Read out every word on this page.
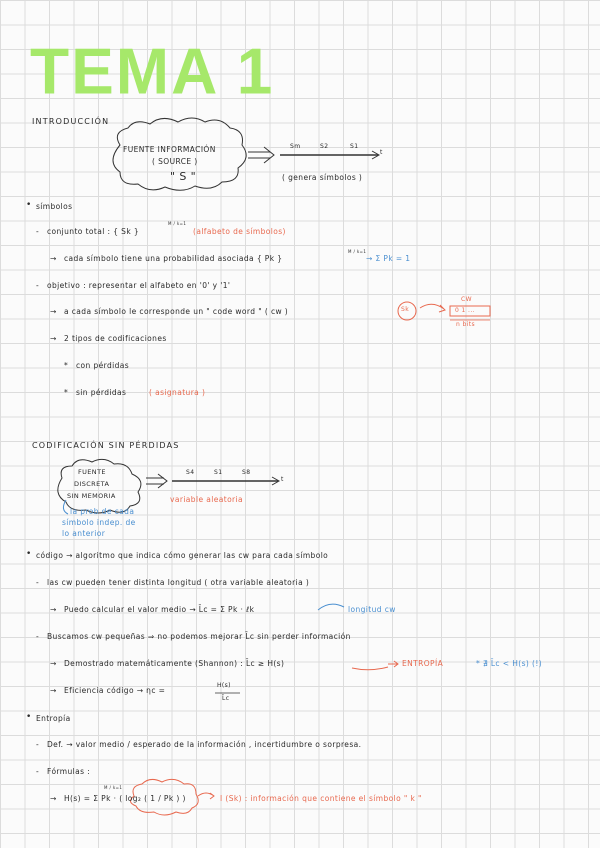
TEMA 1
INTRODUCCIÓN
FUENTE INFORMACIÓN
( SOURCE )
" S "
Sm	S2	S1
t
( genera símbolos )
• símbolos
- conjunto total : { Sk }
M / k=1
(alfabeto de símbolos)
→ cada símbolo tiene una probabilidad asociada { Pk }
M / k=1
→ Σ Pk = 1
- objetivo : representar el alfabeto en '0' y '1'
→ a cada símbolo le corresponde un " code word " ( cw )	Sk
CW
0 1 ...
n bits
→ 2 tipos de codificaciones
* con pérdidas
* sin pérdidas	( asignatura )
CODIFICACIÓN SIN PÉRDIDAS
FUENTE
DISCRETA
SIN MEMORIA
S4	S1	S8
t
variable aleatoria
la prob de cada
símbolo indep. de
lo anterior
• código → algoritmo que indica cómo generar las cw para cada símbolo
- las cw pueden tener distinta longitud ( otra variable aleatoria )
→ Puedo calcular el valor medio → L̄c = Σ Pk · ℓk	longitud cw
- Buscamos cw pequeñas ⇒ no podemos mejorar L̄c sin perder información
→ Demostrado matemáticamente (Shannon) : L̄c ≥ H(s)	ENTROPÍA	* ∄ L̄c < H(s) (!)
→ Eficiencia código → ηc =
H(s)
L̄c
• Entropía
- Def. → valor medio / esperado de la información , incertidumbre o sorpresa.
- Fórmulas :
→ H(s) = Σ Pk · ( log₂ ( 1 / Pk ) )
M / k=1
I (Sk) : información que contiene el símbolo " k "
